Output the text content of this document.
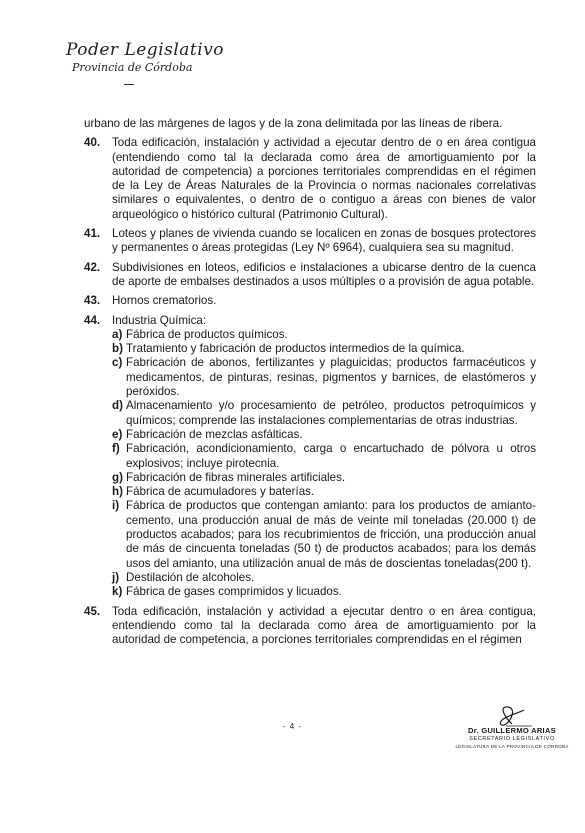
Poder Legislativo
Provincia de Córdoba
urbano de las márgenes de lagos y de la zona delimitada por las líneas de ribera.
40.	Toda edificación, instalación y actividad a ejecutar dentro de o en área contigua (entendiendo como tal la declarada como área de amortiguamiento por la autoridad de competencia) a porciones territoriales comprendidas en el régimen de la Ley de Áreas Naturales de la Provincia o normas nacionales correlativas similares o equivalentes, o dentro de o contiguo a áreas con bienes de valor arqueológico o histórico cultural (Patrimonio Cultural).
41.	Loteos y planes de vivienda cuando se localicen en zonas de bosques protectores y permanentes o áreas protegidas (Ley Nº 6964), cualquiera sea su magnitud.
42.	Subdivisiones en loteos, edificios e instalaciones a ubicarse dentro de la cuenca de aporte de embalses destinados a usos múltiples o a provisión de agua potable.
43.	Hornos crematorios.
44.	Industria Química:
a) Fábrica de productos químicos.
b) Tratamiento y fabricación de productos intermedios de la química.
c) Fabricación de abonos, fertilizantes y plaguicidas; productos farmacéuticos y medicamentos, de pinturas, resinas, pigmentos y barnices, de elastómeros y peróxidos.
d) Almacenamiento y/o procesamiento de petróleo, productos petroquímicos y químicos; comprende las instalaciones complementarias de otras industrias.
e) Fabricación de mezclas asfálticas.
f) Fabricación, acondicionamiento, carga o encartuchado de pólvora u otros explosivos; incluye pirotecnia.
g) Fabricación de fibras minerales artificiales.
h) Fábrica de acumuladores y baterías.
i) Fábrica de productos que contengan amianto: para los productos de amianto-cemento, una producción anual de más de veinte mil toneladas (20.000 t) de productos acabados; para los recubrimientos de fricción, una producción anual de más de cincuenta toneladas (50 t) de productos acabados; para los demás usos del amianto, una utilización anual de más de doscientas toneladas(200 t).
j) Destilación de alcoholes.
k) Fábrica de gases comprimidos y licuados.
45.	Toda edificación, instalación y actividad a ejecutar dentro o en área contigua, entendiendo como tal la declarada como área de amortiguamiento por la autoridad de competencia, a porciones territoriales comprendidas en el régimen
- 4 -	Dr. GUILLERMO ARIAS
SECRETARIO LEGISLATIVO
LEGISLATURA DE LA PROVINCIA DE CÓRDOBA
